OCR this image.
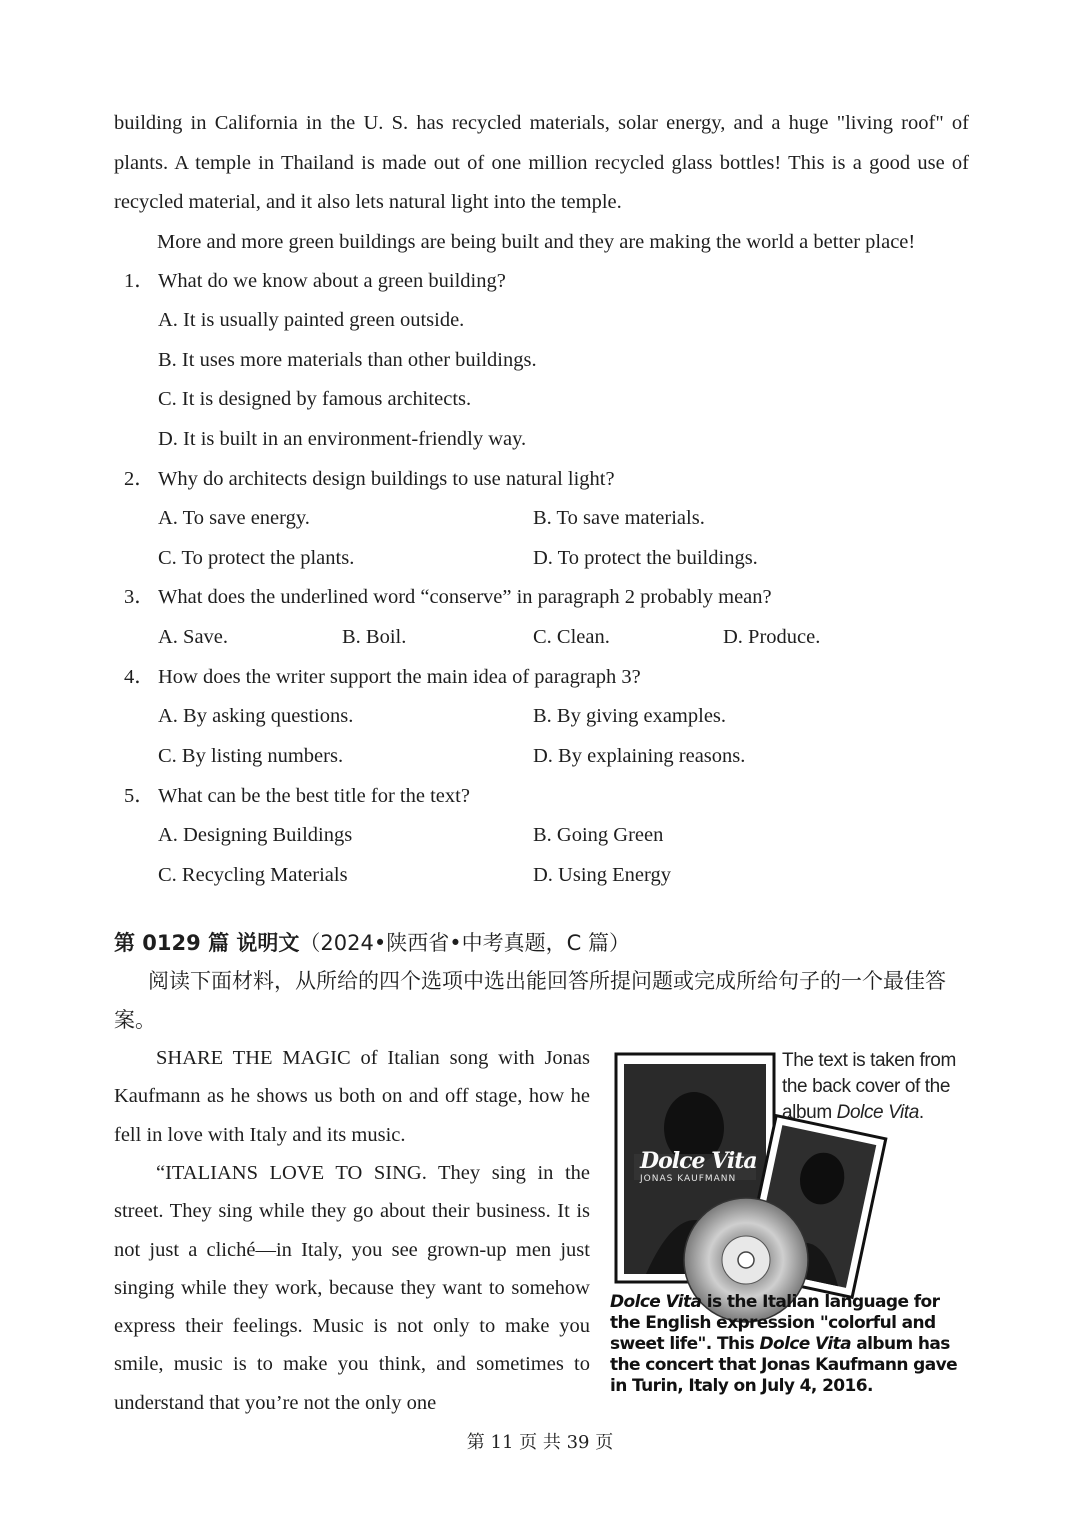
building in California in the U. S. has recycled materials, solar energy, and a huge "living roof" of plants. A temple in Thailand is made out of one million recycled glass bottles! This is a good use of recycled material, and it also lets natural light into the temple.

More and more green buildings are being built and they are making the world a better place!

1． What do we know about a green building?
A. It is usually painted green outside.
B. It uses more materials than other buildings.
C. It is designed by famous architects.
D. It is built in an environment-friendly way.
2． Why do architects design buildings to use natural light?
A. To save energy.	B. To save materials.
C. To protect the plants.	D. To protect the buildings.
3． What does the underlined word “conserve” in paragraph 2 probably mean?
A. Save.	B. Boil.	C. Clean.	D. Produce.
4． How does the writer support the main idea of paragraph 3?
A. By asking questions.	B. By giving examples.
C. By listing numbers.	D. By explaining reasons.
5． What can be the best title for the text?
A. Designing Buildings	B. Going Green
C. Recycling Materials	D. Using Energy
第 0129 篇 说明文（2024•陕西省•中考真题，C 篇）

阅读下面材料，从所给的四个选项中选出能回答所提问题或完成所给句子的一个最佳答案。

SHARE THE MAGIC of Italian song with Jonas Kaufmann as he shows us both on and off stage, how he fell in love with Italy and its music.

“ITALIANS LOVE TO SING. They sing in the street. They sing while they go about their business. It is not just a cliché—in Italy, you see grown-up men just singing while they work, because they want to somehow express their feelings. Music is not only to make you smile, music is to make you think, and sometimes to understand that you’re not the only one

Dolce Vita
JONAS KAUFMANN
The text is taken from the back cover of the album Dolce Vita.
Dolce Vita is the Italian language for the English expression "colorful and sweet life". This Dolce Vita album has the concert that Jonas Kaufmann gave in Turin, Italy on July 4, 2016.
第 11 页 共 39 页
